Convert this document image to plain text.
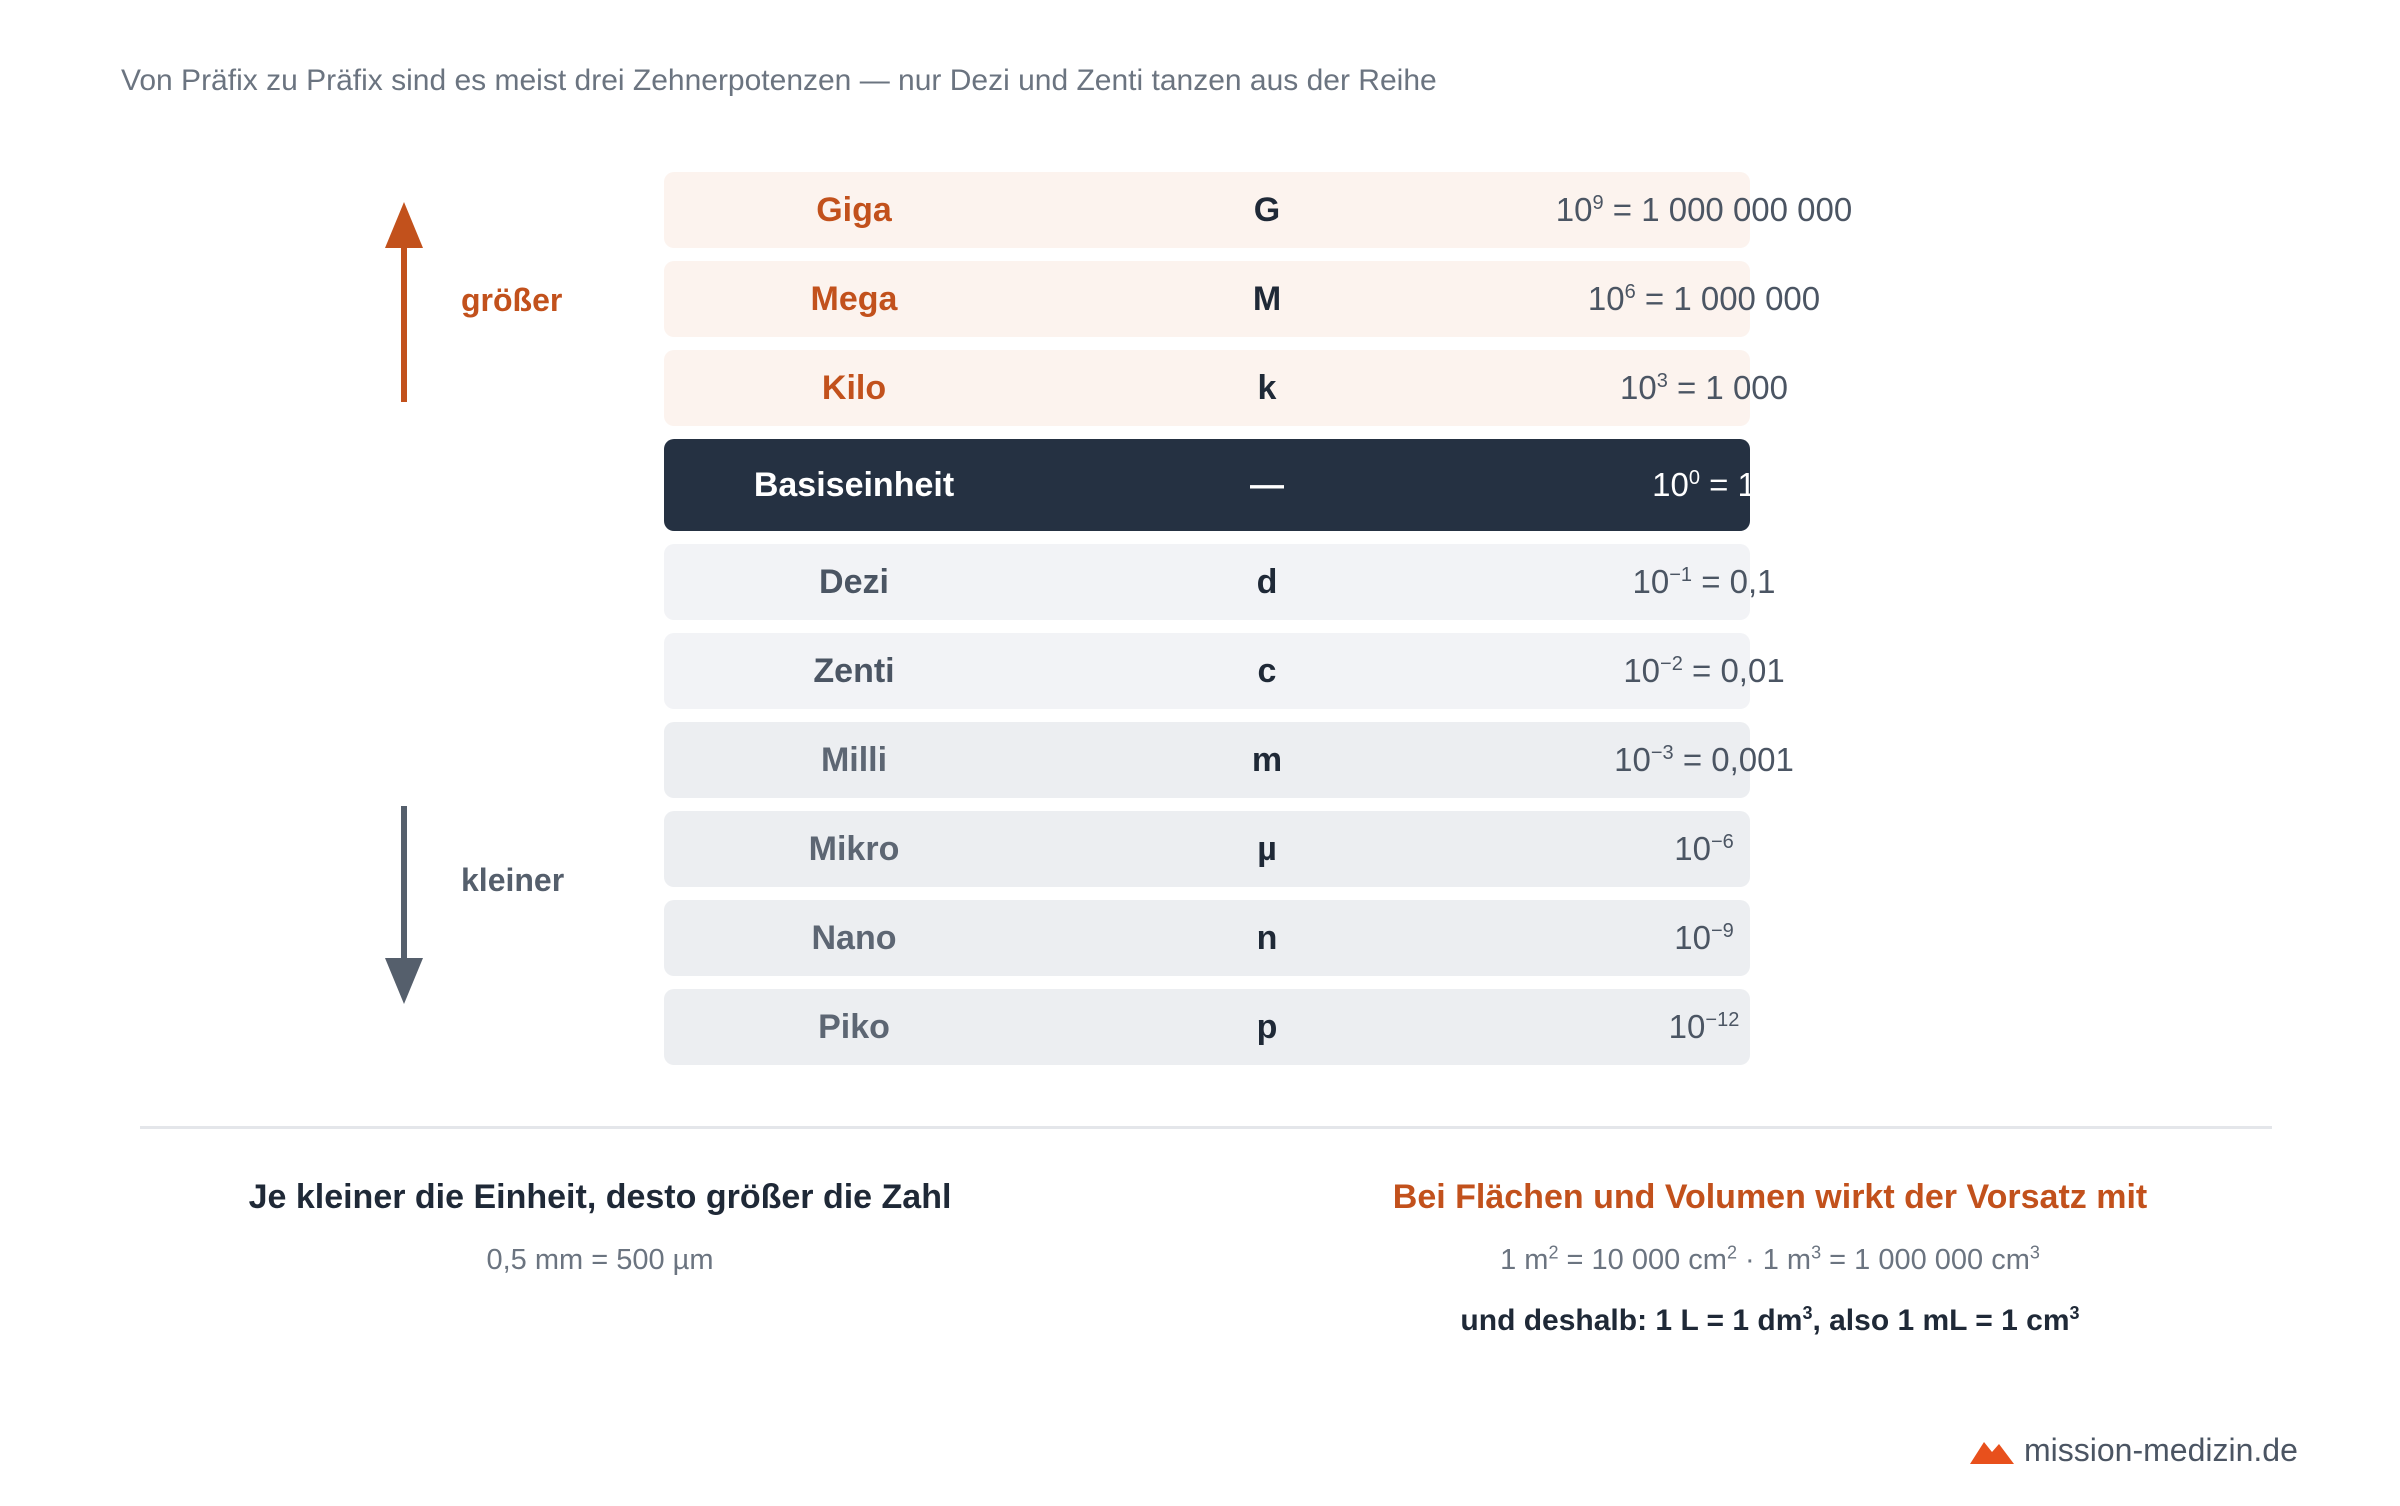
Von Präfix zu Präfix sind es meist drei Zehnerpotenzen — nur Dezi und Zenti tanzen aus der Reihe
größer
kleiner
Giga	G	$10^9 = 1$ 000 000 000
Mega	M	$10^6 = 1$ 000 000
Kilo	k	$10^3 = 1$ 000
Basiseinheit	—	$10^0 = 1$
Dezi	d	$10^{-1} = 0,1$
Zenti	c	$10^{-2} = 0,01$
Milli	m	$10^{-3} = 0,001$
Mikro	µ	$10^{-6}$
Nano	n	$10^{-9}$
Piko	p	$10^{-12}$
Je kleiner die Einheit, desto größer die Zahl
0,5 mm = 500 µm
Bei Flächen und Volumen wirkt der Vorsatz mit
1 $m^2 = 10$ 000 $cm^2 \cdot 1$ $m^3 = 1$ 000 000 $cm^3$
und deshalb: 1 L = 1 $dm^3$, also 1 mL = 1 $cm^3$
mission-medizin.de
